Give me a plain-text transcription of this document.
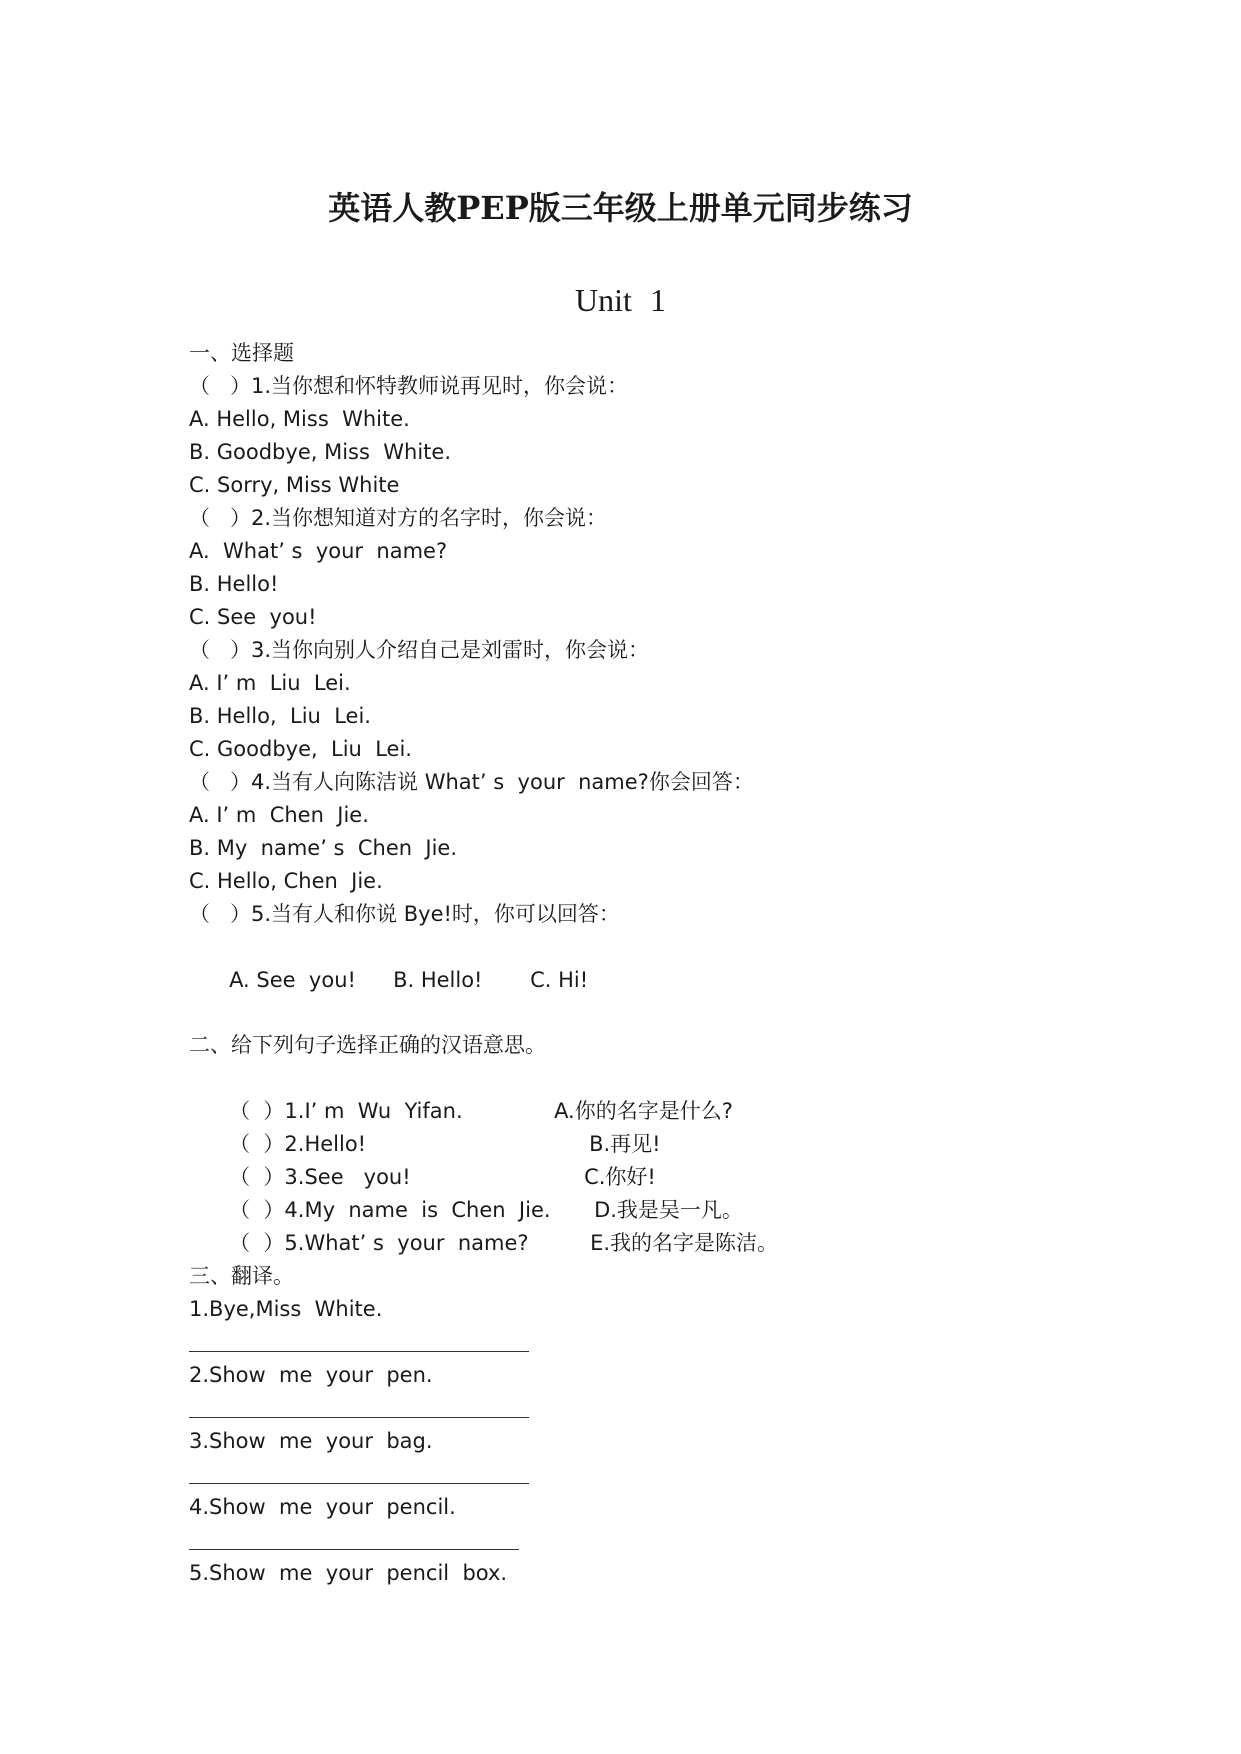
英语人教PEP版三年级上册单元同步练习
Unit 1
一、选择题
（   ）1.当你想和怀特教师说再见时，你会说：
A. Hello, Miss  White.
B. Goodbye, Miss  White.
C. Sorry, Miss White
（   ）2.当你想知道对方的名字时，你会说：
A.  What’ s  your  name?
B. Hello!
C. See  you!
（   ）3.当你向别人介绍自己是刘雷时，你会说：
A. I’ m  Liu  Lei.
B. Hello,  Liu  Lei.
C. Goodbye,  Liu  Lei.
（   ）4.当有人向陈洁说 What’ s  your  name?你会回答：
A. I’ m  Chen  Jie.
B. My  name’ s  Chen  Jie.
C. Hello, Chen  Jie.
（   ）5.当有人和你说 Bye!时，你可以回答：

A. See  you! B. Hello! C. Hi!

二、给下列句子选择正确的汉语意思。

（  ）1.I’ m  Wu  Yifan.	A.你的名字是什么?

（  ）2.Hello!	B.再见!

（  ）3.See   you!	C.你好!

（  ）4.My  name  is  Chen  Jie. D.我是吴一凡。

（  ）5.What’ s  your  name?	E.我的名字是陈洁。

三、翻译。
1.Bye,Miss  White.
2.Show  me  your  pen.
3.Show  me  your  bag.
4.Show  me  your  pencil.
5.Show  me  your  pencil  box.
